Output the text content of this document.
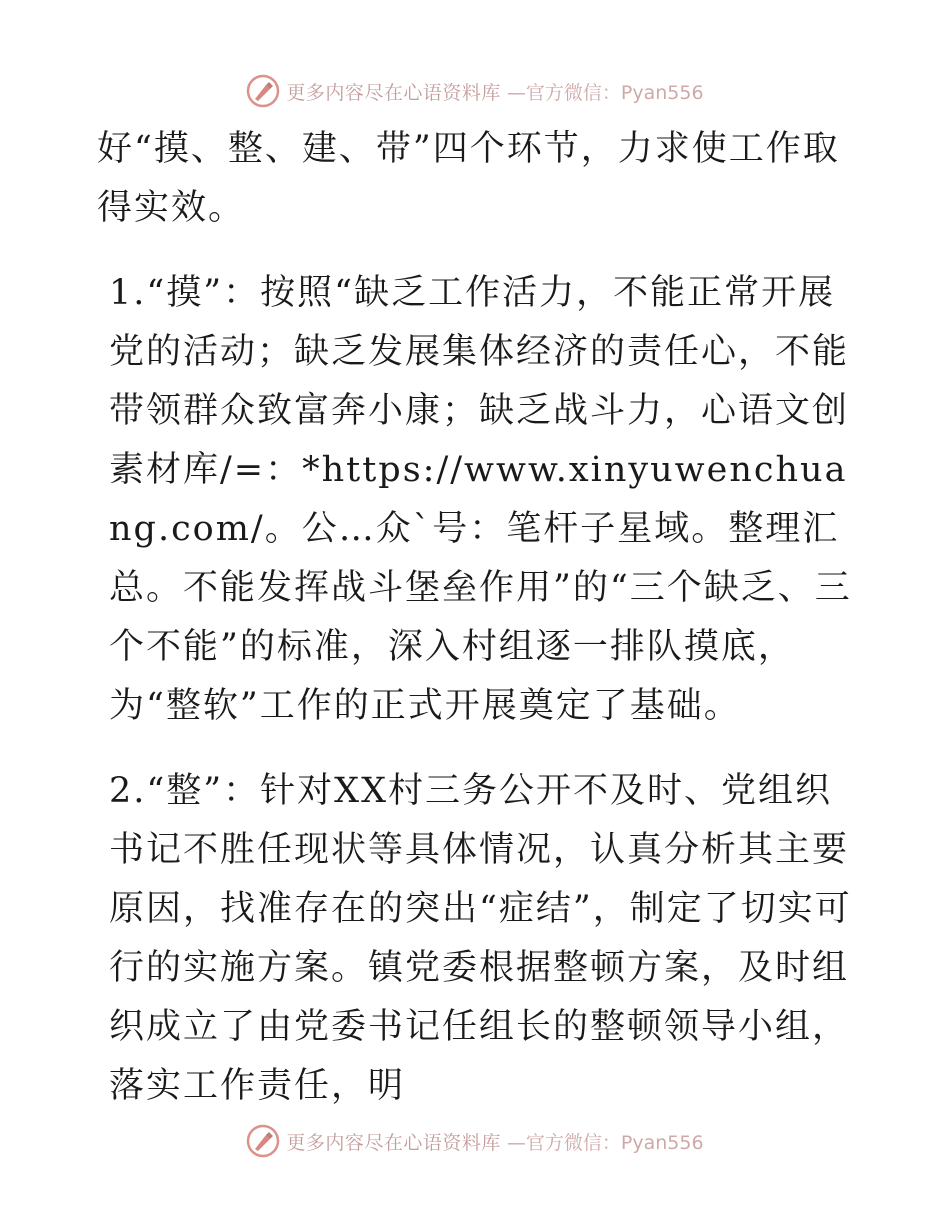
更多内容尽在心语资料库 —官方微信：Pyan556

好“摸、整、建、带”四个环节，力求使工作取得实效。

1.“摸”：按照“缺乏工作活力，不能正常开展党的活动；缺乏发展集体经济的责任心，不能带领群众致富奔小康；缺乏战斗力，心语文创素材库/=：*https://www.xinyuwenchuang.com/。公…众`号：笔杆子星域。整理汇总。不能发挥战斗堡垒作用”的“三个缺乏、三个不能”的标准，深入村组逐一排队摸底，为“整软”工作的正式开展奠定了基础。

2.“整”：针对XX村三务公开不及时、党组织书记不胜任现状等具体情况，认真分析其主要原因，找准存在的突出“症结”，制定了切实可行的实施方案。镇党委根据整顿方案，及时组织成立了由党委书记任组长的整顿领导小组，落实工作责任，明

更多内容尽在心语资料库 —官方微信：Pyan556
